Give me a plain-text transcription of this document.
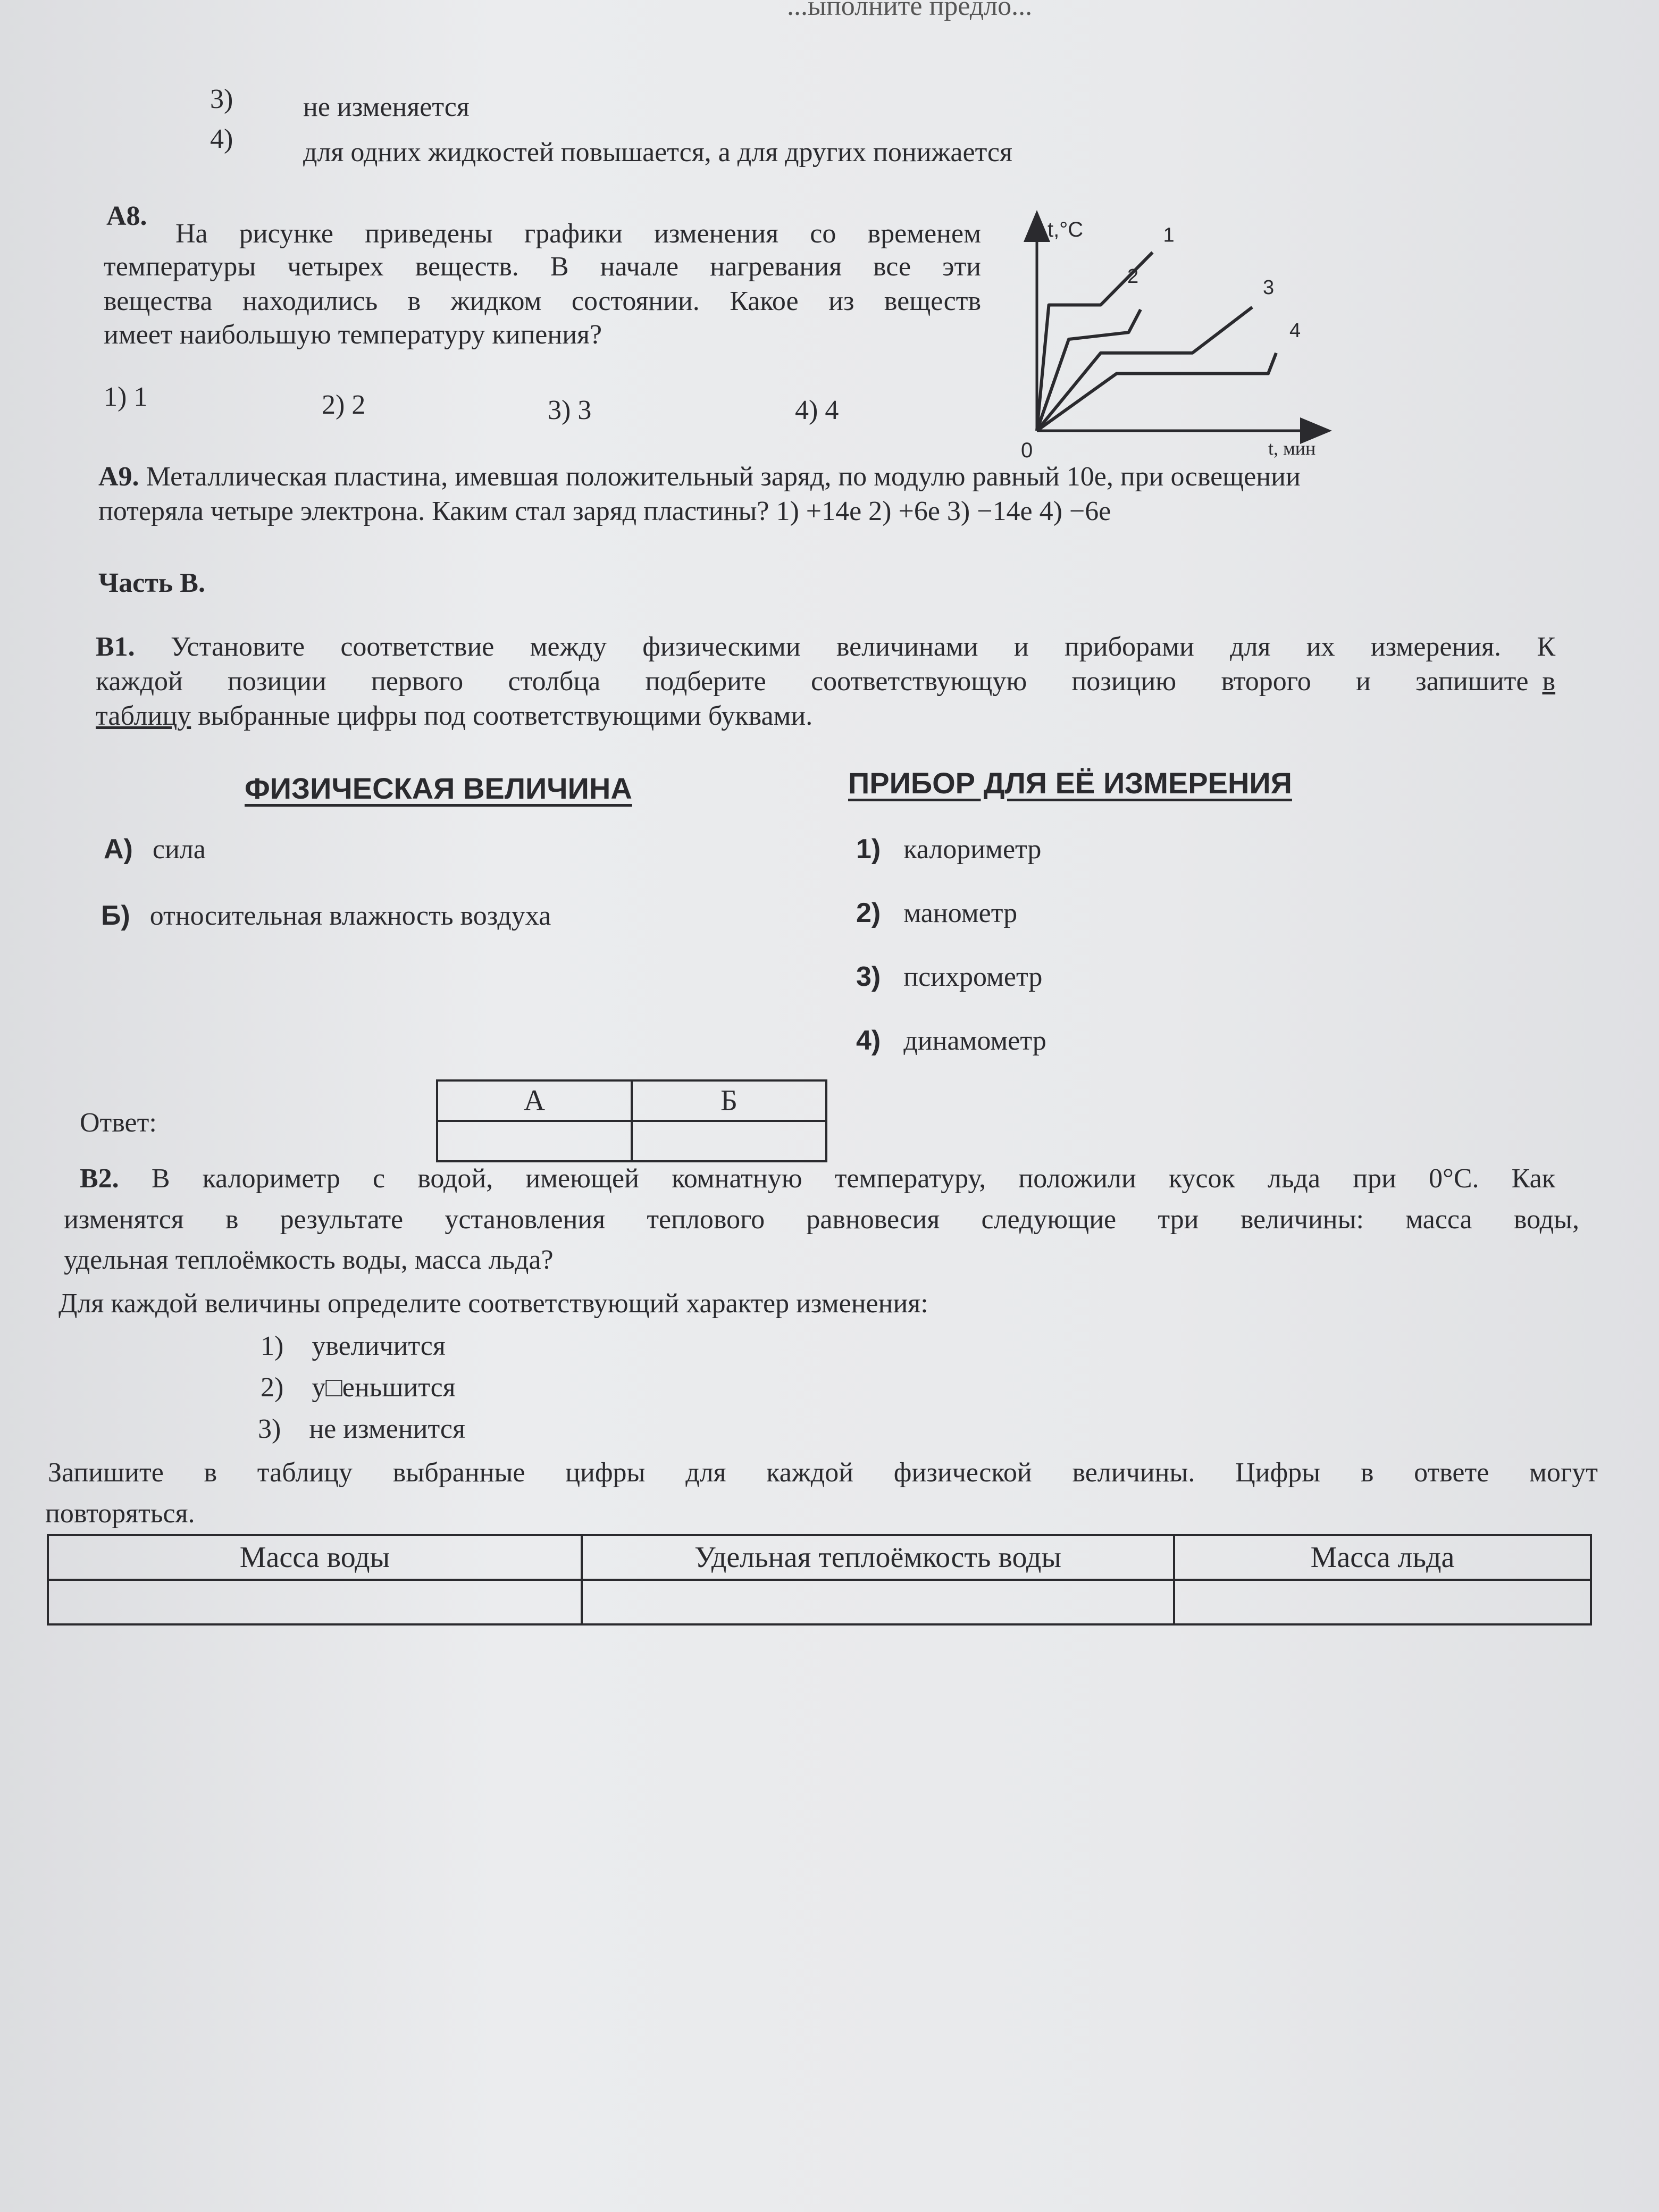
...ыполните предло...
3)	не изменяется
4)	для одних жидкостей повышается, а для других понижается
А8.
На рисунке приведены графики изменения со временем
температуры четырех веществ. В начале нагревания все эти
вещества находились в жидком состоянии. Какое из веществ
имеет наибольшую температуру кипения?
1) 1	2) 2	3) 3	4) 4
t,°C
t, мин
0
1
2	3
4
А9. Металлическая пластина, имевшая положительный заряд, по модулю равный 10е, при освещении
потеряла четыре электрона. Каким стал заряд пластины? 1) +14е 2) +6е 3) −14е 4) −6е
Часть В.
В1. Установите соответствие между физическими величинами и приборами для их измерения. К
каждой позиции первого столбца подберите соответствующую позицию второго и запишите в
таблицу выбранные цифры под соответствующими буквами.
ФИЗИЧЕСКАЯ ВЕЛИЧИНА	ПРИБОР ДЛЯ ЕЁ ИЗМЕРЕНИЯ
А) сила
Б) относительная влажность воздуха
1) калориметр
2) манометр
3) психрометр
4) динамометр
Ответ:
А	Б

В2. В калориметр с водой, имеющей комнатную температуру, положили кусок льда при 0°С. Как
изменятся в результате установления теплового равновесия следующие три величины: масса воды,
удельная теплоёмкость воды, масса льда?
Для каждой величины определите соответствующий характер изменения:
1) увеличится
2) у□еньшится
3) не изменится
Запишите в таблицу выбранные цифры для каждой физической величины. Цифры в ответе могут
повторяться.
Масса воды	Удельная теплоёмкость воды	Масса льда
